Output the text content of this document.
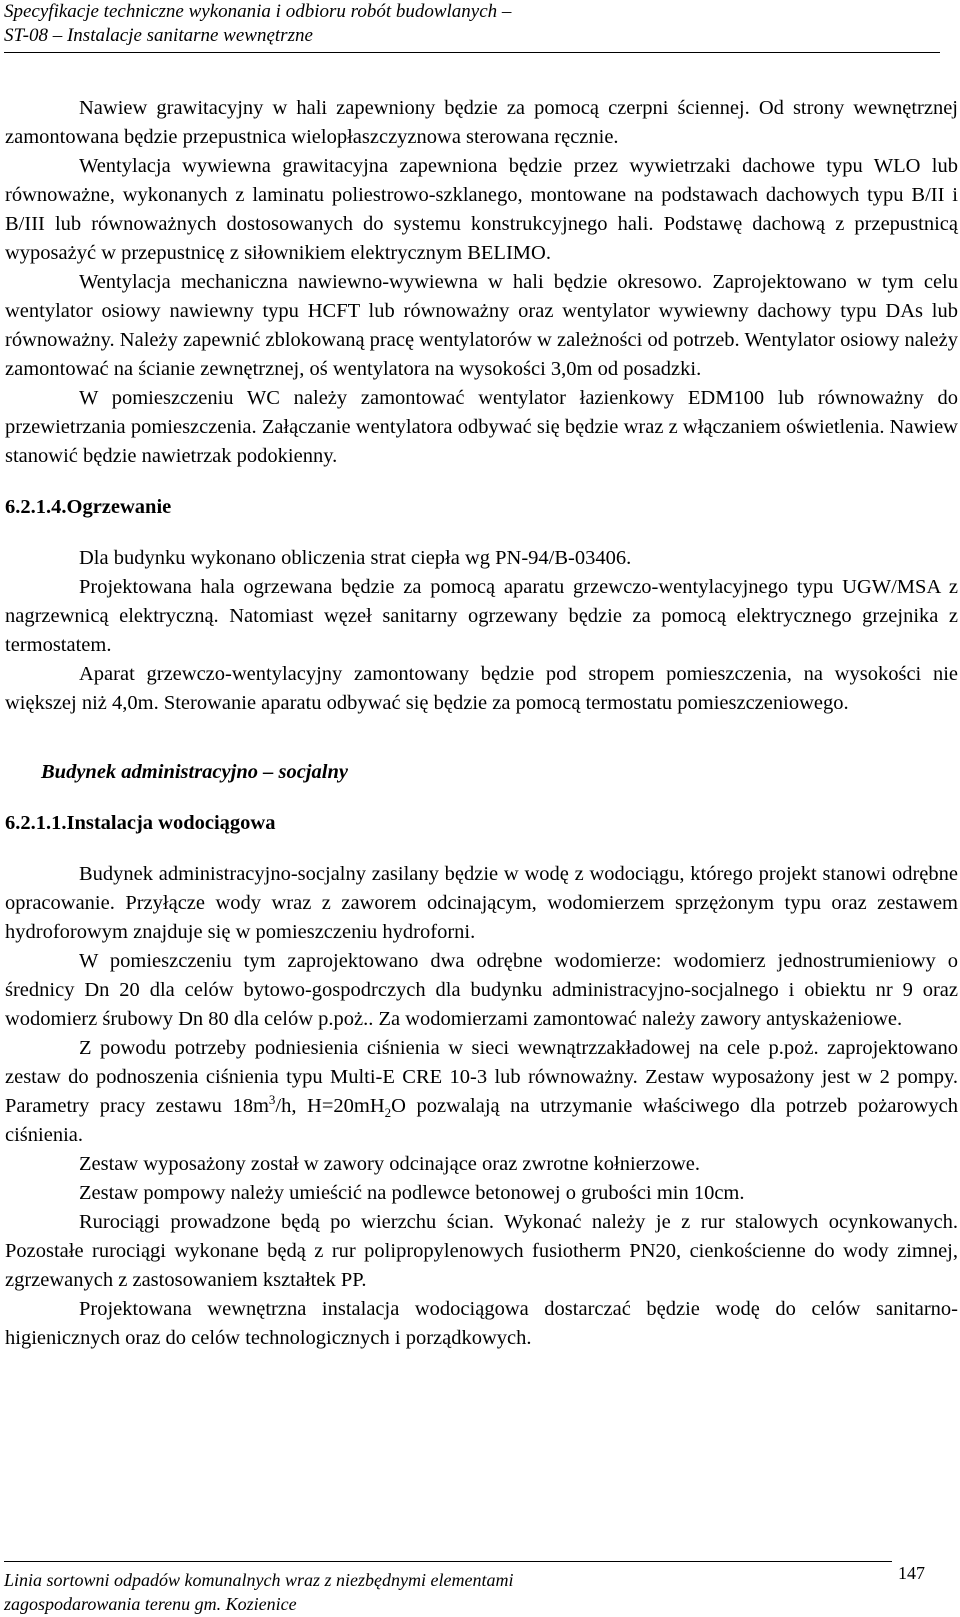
Specyfikacje techniczne wykonania i odbioru robót budowlanych –
ST-08 – Instalacje sanitarne wewnętrzne

Nawiew grawitacyjny w hali zapewniony będzie za pomocą czerpni ściennej. Od strony wewnętrznej zamontowana będzie przepustnica wielopłaszczyznowa sterowana ręcznie.

Wentylacja wywiewna grawitacyjna zapewniona będzie przez wywietrzaki dachowe typu WLO lub równoważne, wykonanych z laminatu poliestrowo-szklanego, montowane na podstawach dachowych typu B/II i B/III lub równoważnych dostosowanych do systemu konstrukcyjnego hali. Podstawę dachową z przepustnicą wyposażyć w przepustnicę z siłownikiem elektrycznym BELIMO.

Wentylacja mechaniczna nawiewno-wywiewna w hali będzie okresowo. Zaprojektowano w tym celu wentylator osiowy nawiewny typu HCFT lub równoważny oraz wentylator wywiewny dachowy typu DAs lub równoważny. Należy zapewnić zblokowaną pracę wentylatorów w zależności od potrzeb. Wentylator osiowy należy zamontować na ścianie zewnętrznej, oś wentylatora na wysokości 3,0m od posadzki.

W pomieszczeniu WC należy zamontować wentylator łazienkowy EDM100 lub równoważny do przewietrzania pomieszczenia. Załączanie wentylatora odbywać się będzie wraz z włączaniem oświetlenia. Nawiew stanowić będzie nawietrzak podokienny.

6.2.1.4.Ogrzewanie

Dla budynku wykonano obliczenia strat ciepła wg PN-94/B-03406.

Projektowana hala ogrzewana będzie za pomocą aparatu grzewczo-wentylacyjnego typu UGW/MSA z nagrzewnicą elektryczną. Natomiast węzeł sanitarny ogrzewany będzie za pomocą elektrycznego grzejnika z termostatem.

Aparat grzewczo-wentylacyjny zamontowany będzie pod stropem pomieszczenia, na wysokości nie większej niż 4,0m. Sterowanie aparatu odbywać się będzie za pomocą termostatu pomieszczeniowego.

Budynek administracyjno – socjalny

6.2.1.1.Instalacja wodociągowa

Budynek administracyjno-socjalny zasilany będzie w wodę z wodociągu, którego projekt stanowi odrębne opracowanie. Przyłącze wody wraz z zaworem odcinającym, wodomierzem sprzężonym typu oraz zestawem hydroforowym znajduje się w pomieszczeniu hydroforni.

W pomieszczeniu tym zaprojektowano dwa odrębne wodomierze: wodomierz jednostrumieniowy o średnicy Dn 20 dla celów bytowo-gospodrczych dla budynku administracyjno-socjalnego i obiektu nr 9 oraz wodomierz śrubowy Dn 80 dla celów p.poż.. Za wodomierzami zamontować należy zawory antyskażeniowe.

Z powodu potrzeby podniesienia ciśnienia w sieci wewnątrzzakładowej na cele p.poż. zaprojektowano zestaw do podnoszenia ciśnienia typu Multi-E CRE 10-3 lub równoważny. Zestaw wyposażony jest w 2 pompy. Parametry pracy zestawu $18m^3/h$, $H=20mH_2O$ pozwalają na utrzymanie właściwego dla potrzeb pożarowych ciśnienia.

Zestaw wyposażony został w zawory odcinające oraz zwrotne kołnierzowe.

Zestaw pompowy należy umieścić na podlewce betonowej o grubości min 10cm.

Rurociągi prowadzone będą po wierzchu ścian. Wykonać należy je z rur stalowych ocynkowanych. Pozostałe rurociągi wykonane będą z rur polipropylenowych fusiotherm PN20, cienkościenne do wody zimnej, zgrzewanych z zastosowaniem kształtek PP.

Projektowana wewnętrzna instalacja wodociągowa dostarczać będzie wodę do celów sanitarno-higienicznych oraz do celów technologicznych i porządkowych.

Linia sortowni odpadów komunalnych wraz z niezbędnymi elementami
zagospodarowania terenu gm. Kozienice
147
